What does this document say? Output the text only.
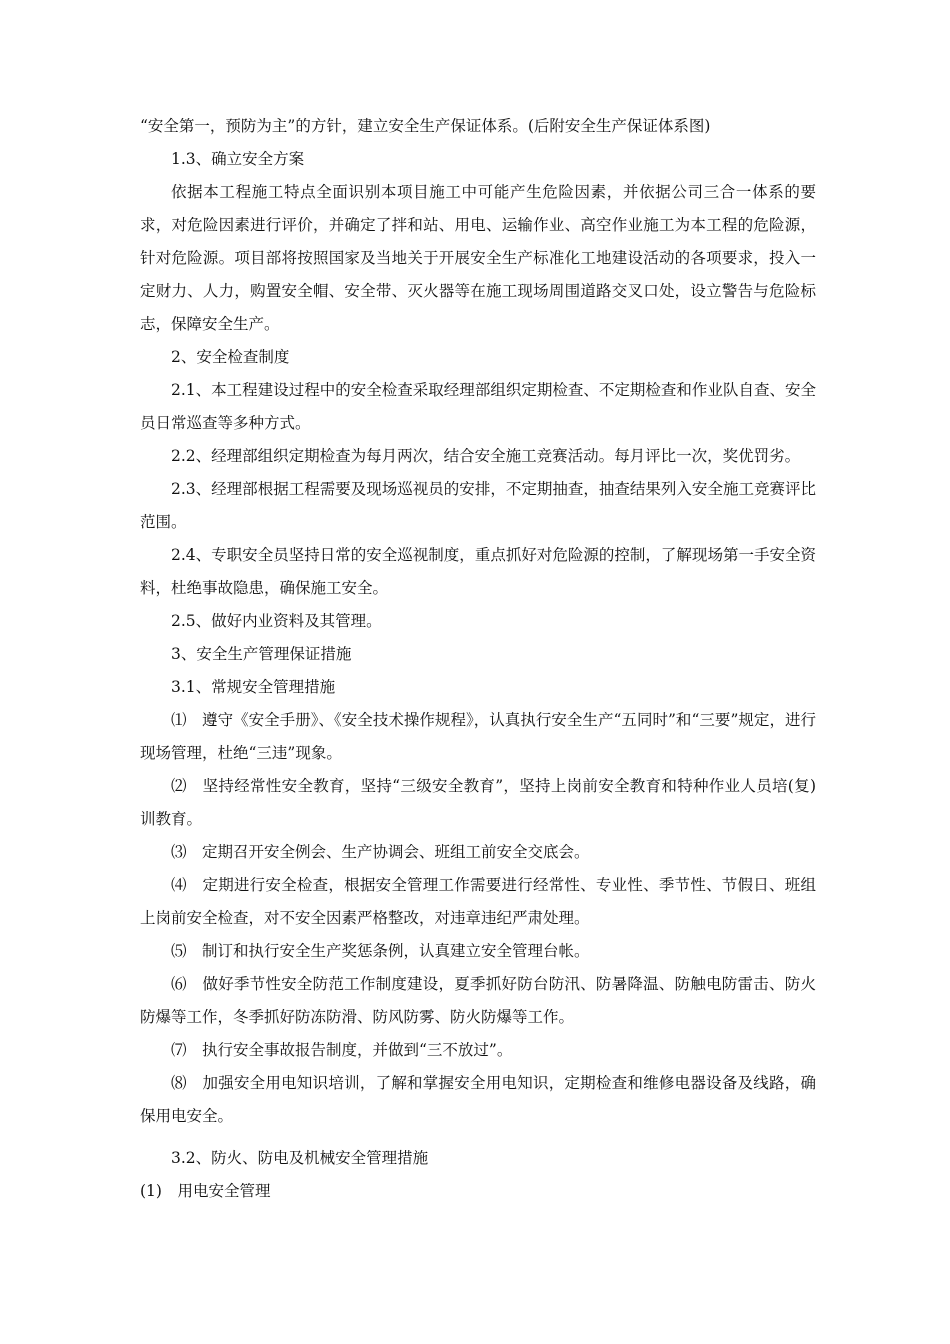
“安全第一，预防为主”的方针，建立安全生产保证体系。(后附安全生产保证体系图)

1.3、确立安全方案

依据本工程施工特点全面识别本项目施工中可能产生危险因素，并依据公司三合一体系的要求，对危险因素进行评价，并确定了拌和站、用电、运输作业、高空作业施工为本工程的危险源，针对危险源。项目部将按照国家及当地关于开展安全生产标准化工地建设活动的各项要求，投入一定财力、人力，购置安全帽、安全带、灭火器等在施工现场周围道路交叉口处，设立警告与危险标志，保障安全生产。

2、安全检查制度

2.1、本工程建设过程中的安全检查采取经理部组织定期检查、不定期检查和作业队自查、安全员日常巡查等多种方式。

2.2、经理部组织定期检查为每月两次，结合安全施工竞赛活动。每月评比一次，奖优罚劣。

2.3、经理部根据工程需要及现场巡视员的安排，不定期抽查，抽查结果列入安全施工竞赛评比范围。

2.4、专职安全员坚持日常的安全巡视制度，重点抓好对危险源的控制，了解现场第一手安全资料，杜绝事故隐患，确保施工安全。

2.5、做好内业资料及其管理。

3、安全生产管理保证措施

3.1、常规安全管理措施

⑴　遵守《安全手册》、《安全技术操作规程》，认真执行安全生产“五同时”和“三要”规定，进行现场管理，杜绝“三违”现象。

⑵　坚持经常性安全教育，坚持“三级安全教育”，坚持上岗前安全教育和特种作业人员培(复)训教育。

⑶　定期召开安全例会、生产协调会、班组工前安全交底会。

⑷　定期进行安全检查，根据安全管理工作需要进行经常性、专业性、季节性、节假日、班组上岗前安全检查，对不安全因素严格整改，对违章违纪严肃处理。

⑸　制订和执行安全生产奖惩条例，认真建立安全管理台帐。

⑹　做好季节性安全防范工作制度建设，夏季抓好防台防汛、防暑降温、防触电防雷击、防火防爆等工作，冬季抓好防冻防滑、防风防雾、防火防爆等工作。

⑺　执行安全事故报告制度，并做到“三不放过”。

⑻　加强安全用电知识培训，了解和掌握安全用电知识，定期检查和维修电器设备及线路，确保用电安全。

3.2、防火、防电及机械安全管理措施

(1)　用电安全管理
